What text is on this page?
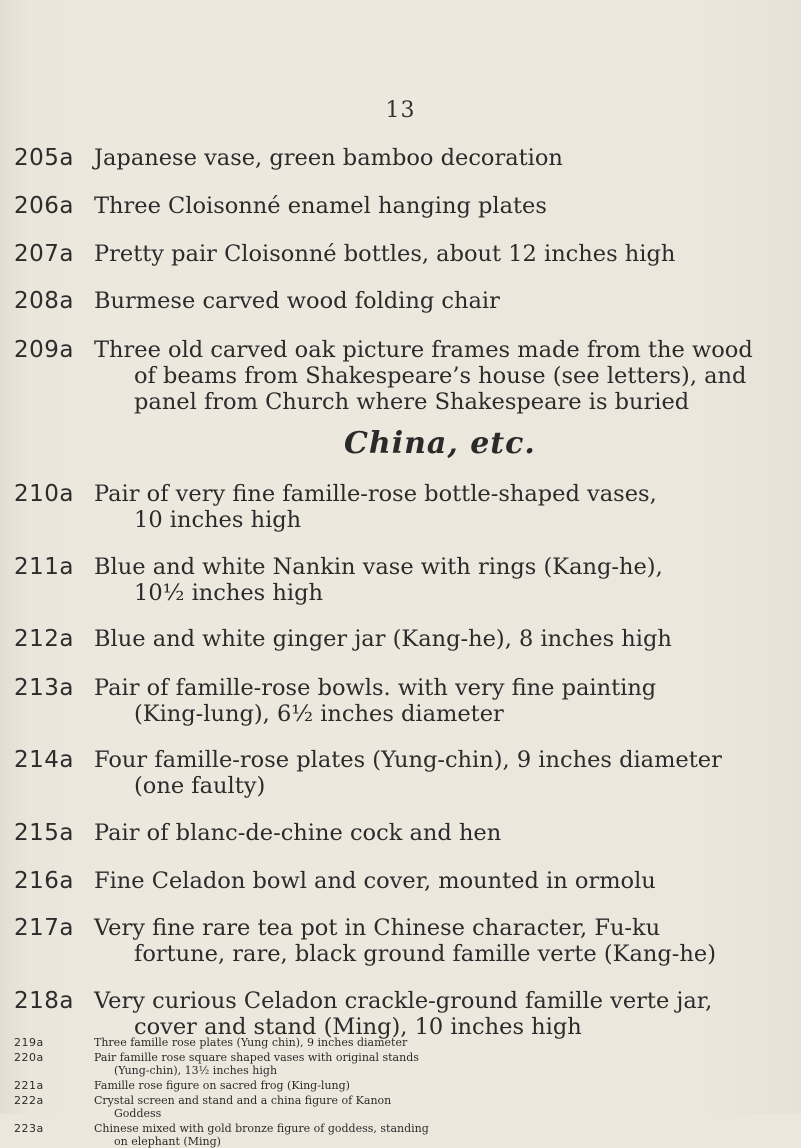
13
205a Japanese vase, green bamboo decoration
206a Three Cloisonné enamel hanging plates
207a Pretty pair Cloisonné bottles, about 12 inches high
208a Burmese carved wood folding chair
209a Three old carved oak picture frames made from the wood
of beams from Shakespeare’s house (see letters), and
panel from Church where Shakespeare is buried
China, etc.
210a Pair of very fine famille-rose bottle-shaped vases,
10 inches high
211a Blue and white Nankin vase with rings (Kang-he),
10½ inches high
212a Blue and white ginger jar (Kang-he), 8 inches high
213a Pair of famille-rose bowls. with very fine painting
(King-lung), 6½ inches diameter
214a Four famille-rose plates (Yung-chin), 9 inches diameter
(one faulty)
215a Pair of blanc-de-chine cock and hen
216a Fine Celadon bowl and cover, mounted in ormolu
217a Very fine rare tea pot in Chinese character, Fu-ku
fortune, rare, black ground famille verte (Kang-he)
218a Very curious Celadon crackle-ground famille verte jar,
cover and stand (Ming), 10 inches high
219a	Three famille rose plates (Yung chin), 9 inches diameter
220a	Pair famille rose square shaped vases with original stands
(Yung-chin), 13½ inches high
221a	Famille rose figure on sacred frog (King-lung)
222a	Crystal screen and stand and a china figure of Kanon
Goddess
223a	Chinese mixed with gold bronze figure of goddess, standing
on elephant (Ming)
